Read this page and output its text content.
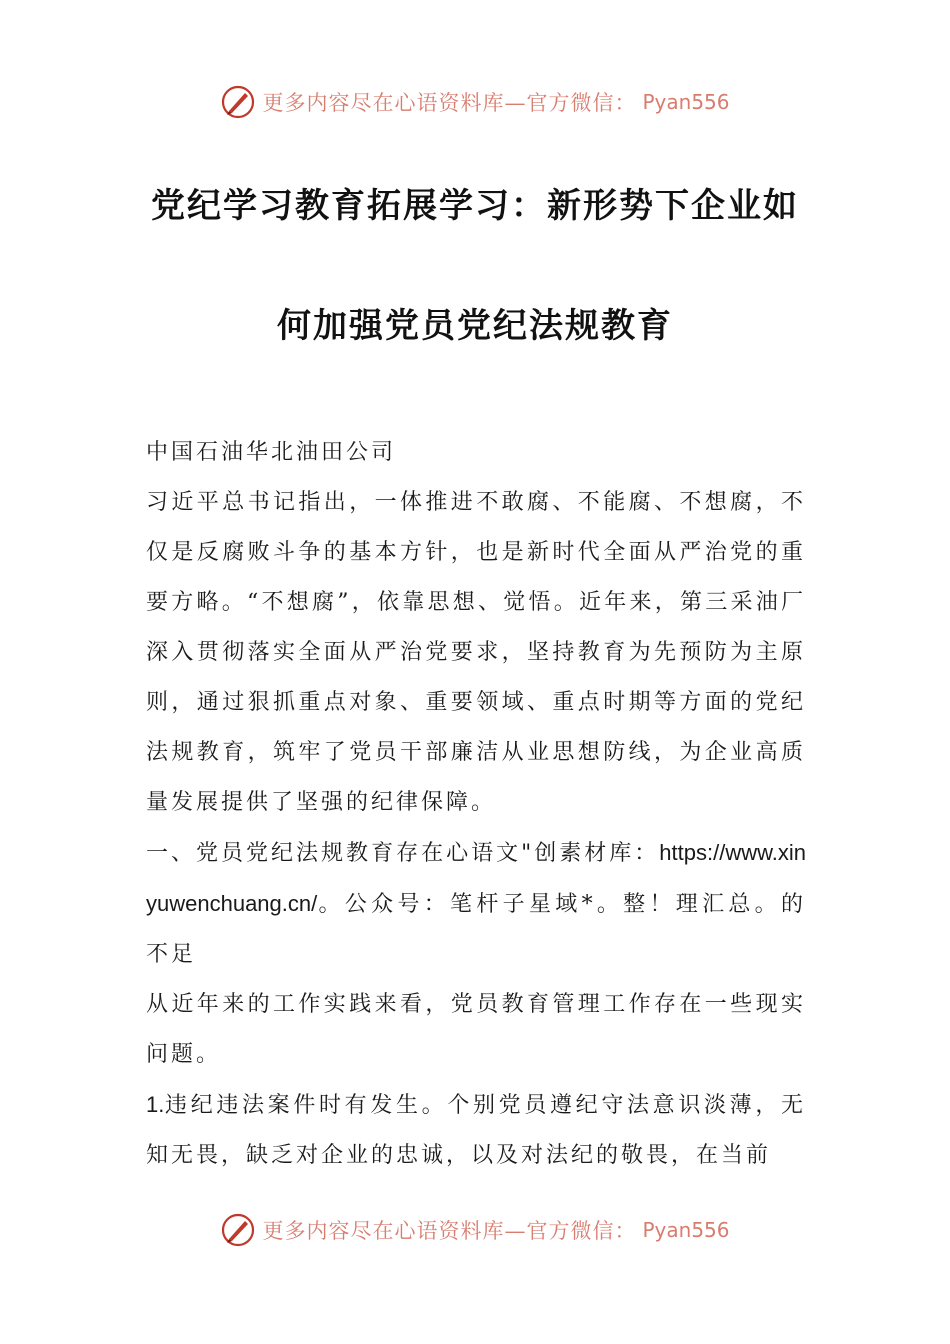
更多内容尽在心语资料库—官方微信： Pyan556
党纪学习教育拓展学习：新形势下企业如
何加强党员党纪法规教育

中国石油华北油田公司

习近平总书记指出，一体推进不敢腐、不能腐、不想腐，不仅是反腐败斗争的基本方针，也是新时代全面从严治党的重要方略。“不想腐”，依靠思想、觉悟。近年来，第三采油厂深入贯彻落实全面从严治党要求，坚持教育为先预防为主原则，通过狠抓重点对象、重要领域、重点时期等方面的党纪法规教育，筑牢了党员干部廉洁从业思想防线，为企业高质量发展提供了坚强的纪律保障。

一、党员党纪法规教育存在心语文"创素材库：https://www.xinyuwenchuang.cn/。公众号：笔杆子星域*。整！理汇总。的不足

从近年来的工作实践来看，党员教育管理工作存在一些现实问题。

1.违纪违法案件时有发生。个别党员遵纪守法意识淡薄，无知无畏，缺乏对企业的忠诚，以及对法纪的敬畏，在当前

更多内容尽在心语资料库—官方微信： Pyan556
